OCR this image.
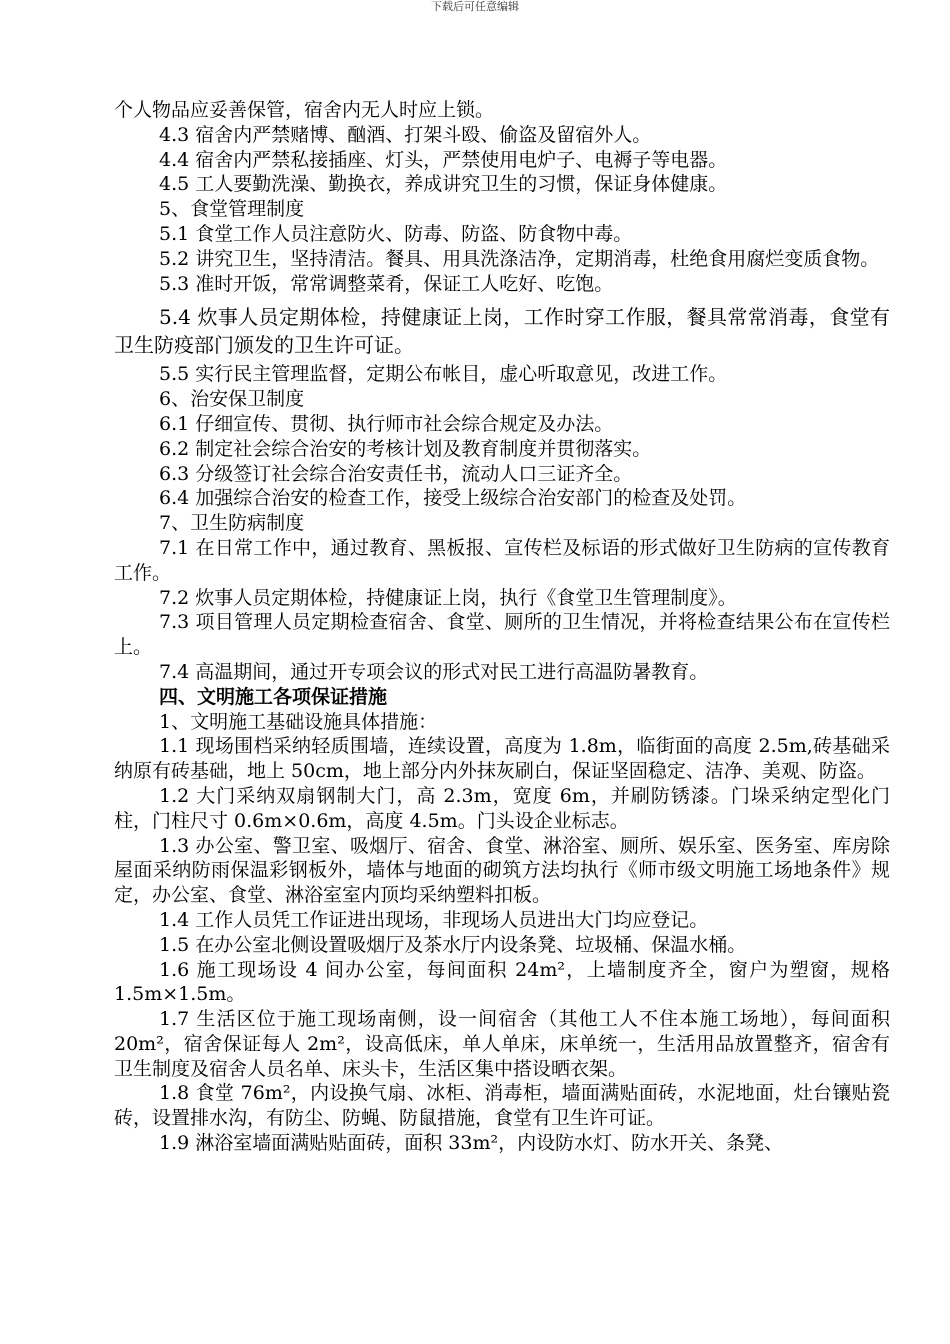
下载后可任意编辑

个人物品应妥善保管，宿舍内无人时应上锁。

4.3 宿舍内严禁赌博、酗酒、打架斗殴、偷盗及留宿外人。

4.4 宿舍内严禁私接插座、灯头，严禁使用电炉子、电褥子等电器。

4.5 工人要勤洗澡、勤换衣，养成讲究卫生的习惯，保证身体健康。

5、食堂管理制度

5.1 食堂工作人员注意防火、防毒、防盗、防食物中毒。

5.2 讲究卫生，坚持清洁。餐具、用具洗涤洁净，定期消毒，杜绝食用腐烂变质食物。

5.3 准时开饭，常常调整菜肴，保证工人吃好、吃饱。

5.4 炊事人员定期体检，持健康证上岗，工作时穿工作服，餐具常常消毒，食堂有卫生防疫部门颁发的卫生许可证。

5.5 实行民主管理监督，定期公布帐目，虚心听取意见，改进工作。

6、治安保卫制度

6.1 仔细宣传、贯彻、执行师市社会综合规定及办法。

6.2 制定社会综合治安的考核计划及教育制度并贯彻落实。

6.3 分级签订社会综合治安责任书，流动人口三证齐全。

6.4 加强综合治安的检查工作，接受上级综合治安部门的检查及处罚。

7、卫生防病制度

7.1 在日常工作中，通过教育、黑板报、宣传栏及标语的形式做好卫生防病的宣传教育工作。

7.2 炊事人员定期体检，持健康证上岗，执行《食堂卫生管理制度》。

7.3 项目管理人员定期检查宿舍、食堂、厕所的卫生情况，并将检查结果公布在宣传栏上。

7.4 高温期间，通过开专项会议的形式对民工进行高温防暑教育。

四、文明施工各项保证措施

1、文明施工基础设施具体措施：

1.1 现场围档采纳轻质围墙，连续设置，高度为 1.8m，临街面的高度 2.5m,砖基础采纳原有砖基础，地上 50cm，地上部分内外抹灰刷白，保证坚固稳定、洁净、美观、防盗。

1.2 大门采纳双扇钢制大门，高 2.3m，宽度 6m，并刷防锈漆。门垛采纳定型化门柱，门柱尺寸 0.6m×0.6m，高度 4.5m。门头设企业标志。

1.3 办公室、警卫室、吸烟厅、宿舍、食堂、淋浴室、厕所、娱乐室、医务室、库房除屋面采纳防雨保温彩钢板外，墙体与地面的砌筑方法均执行《师市级文明施工场地条件》规定，办公室、食堂、淋浴室室内顶均采纳塑料扣板。

1.4 工作人员凭工作证进出现场，非现场人员进出大门均应登记。

1.5 在办公室北侧设置吸烟厅及茶水厅内设条凳、垃圾桶、保温水桶。

1.6 施工现场设 4 间办公室，每间面积 24m²，上墙制度齐全，窗户为塑窗，规格 1.5m×1.5m。

1.7 生活区位于施工现场南侧，设一间宿舍（其他工人不住本施工场地），每间面积 20m²，宿舍保证每人 2m²，设高低床，单人单床，床单统一，生活用品放置整齐，宿舍有卫生制度及宿舍人员名单、床头卡，生活区集中搭设晒衣架。

1.8 食堂 76m²，内设换气扇、冰柜、消毒柜，墙面满贴面砖，水泥地面，灶台镶贴瓷砖，设置排水沟，有防尘、防蝇、防鼠措施，食堂有卫生许可证。

1.9 淋浴室墙面满贴贴面砖，面积 33m²，内设防水灯、防水开关、条凳、
